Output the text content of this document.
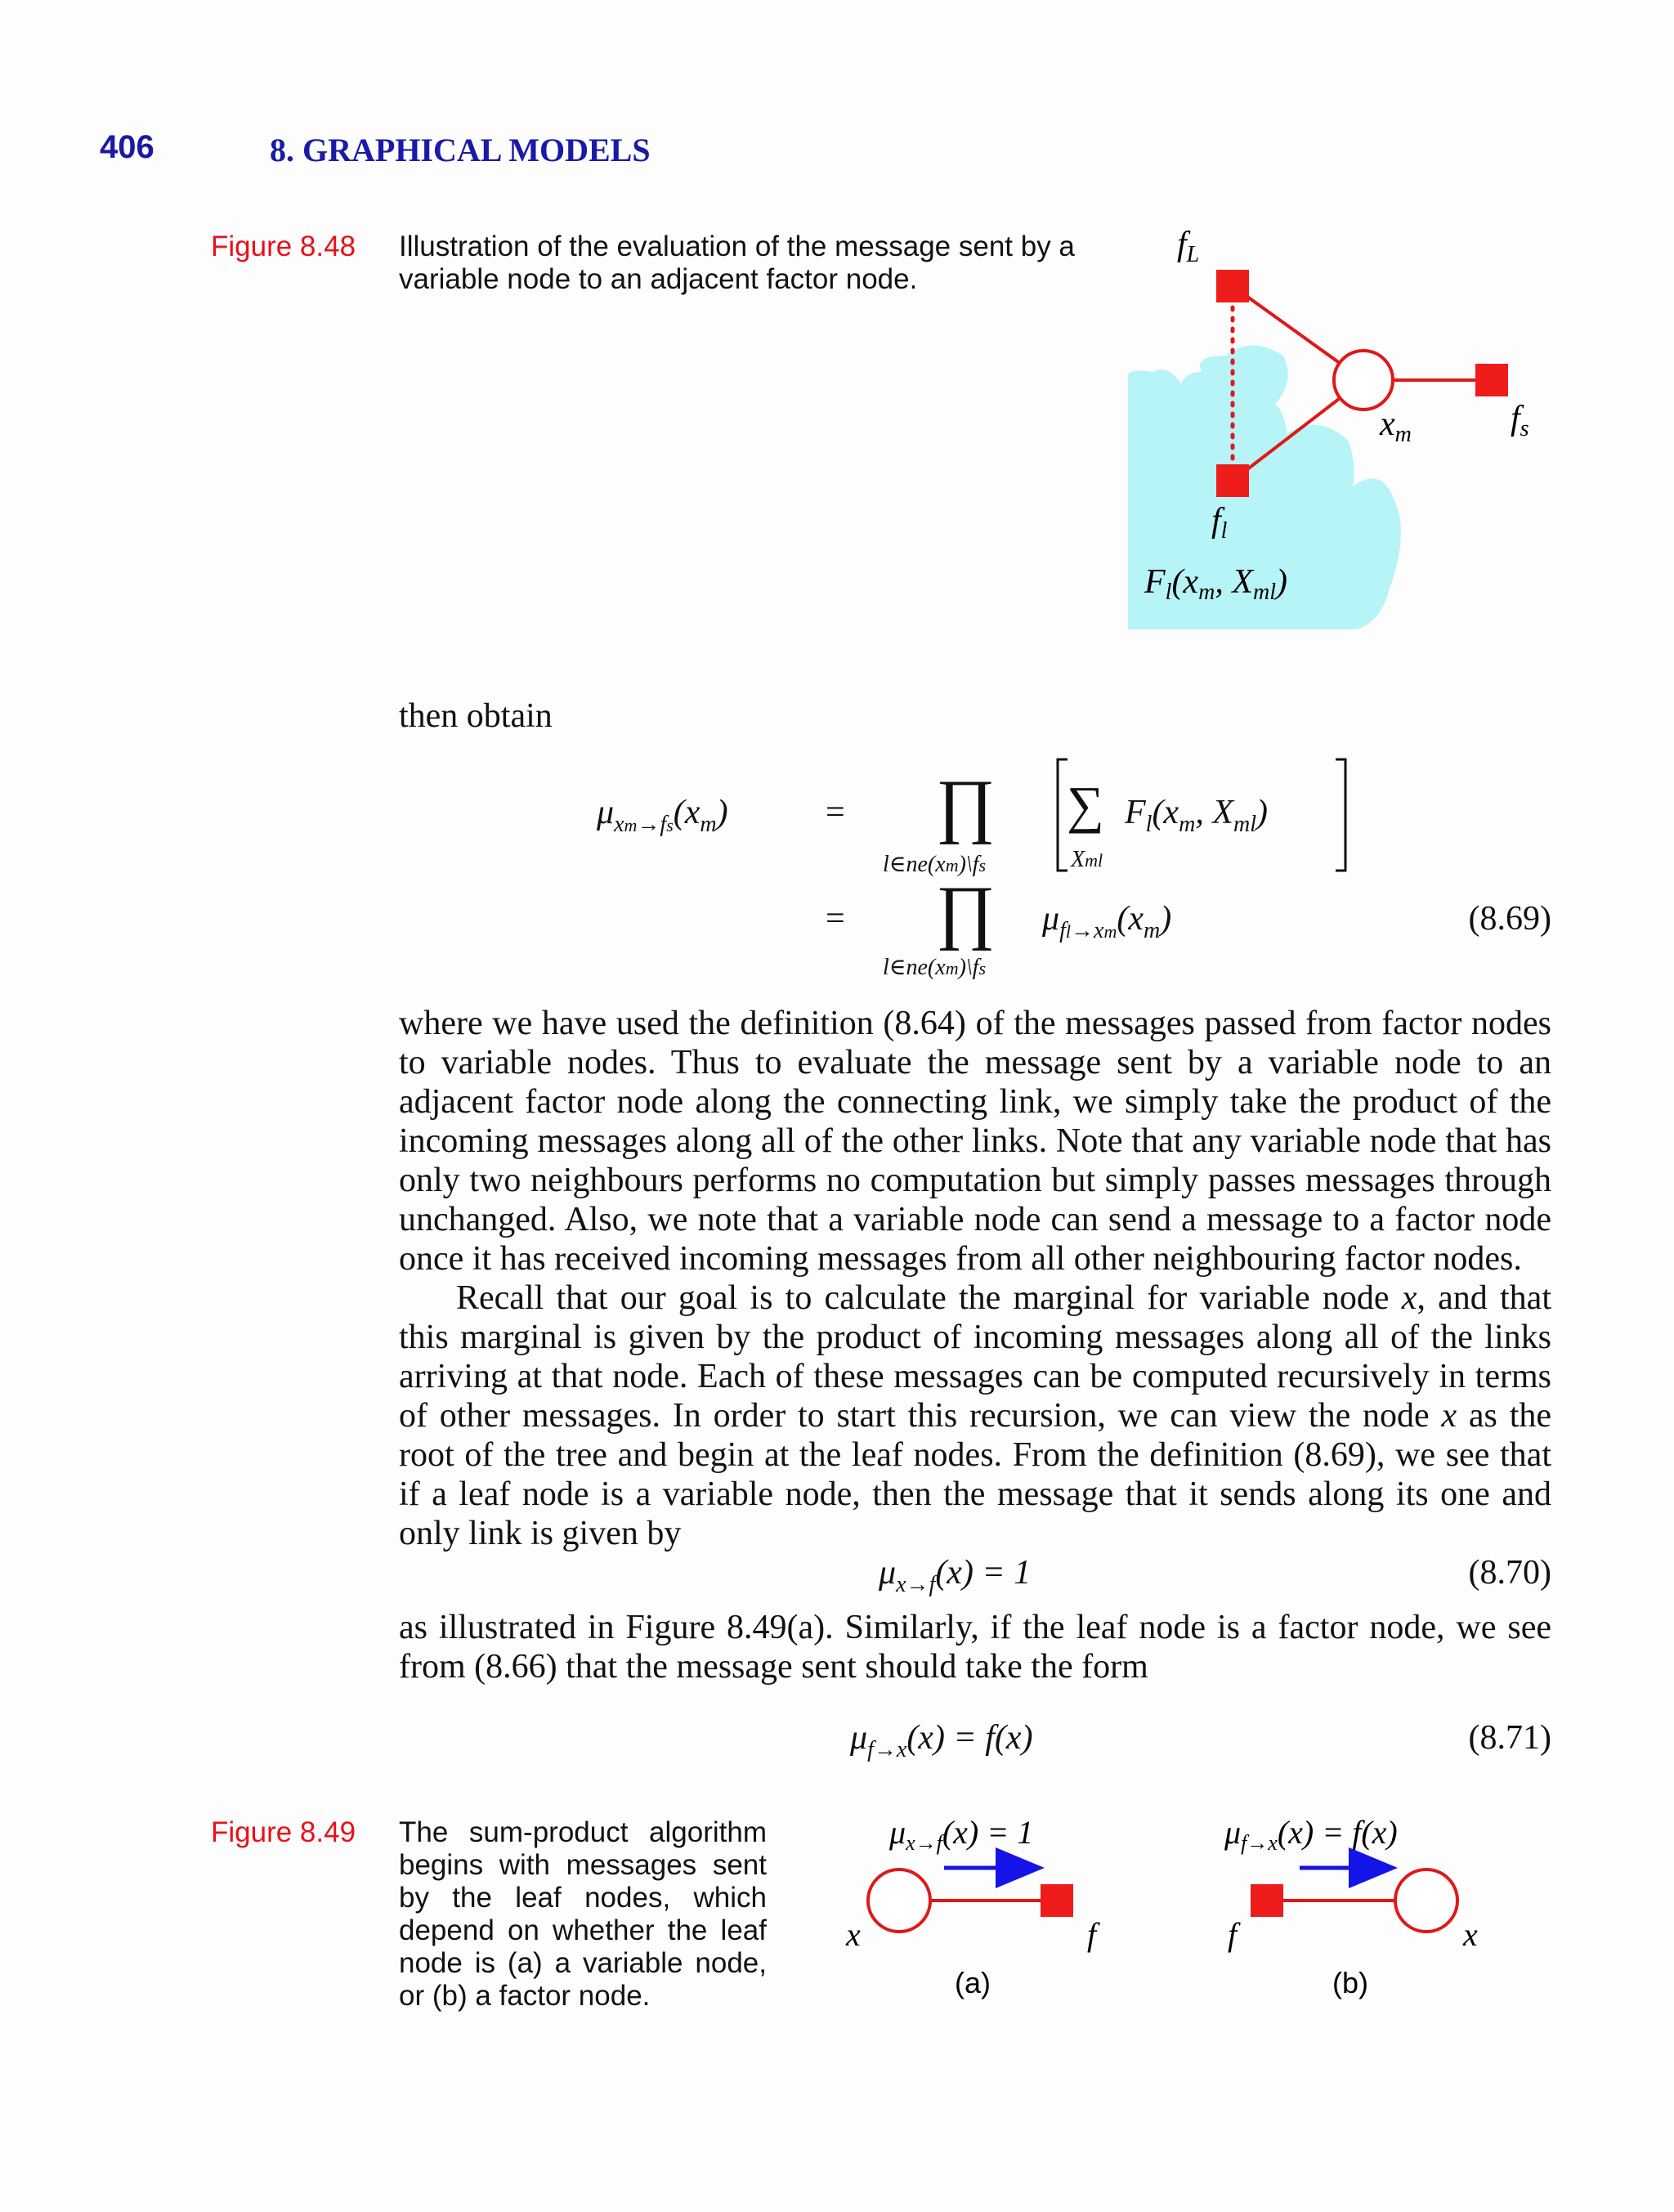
406	8. GRAPHICAL MODELS
Figure 8.48 Illustration of the evaluation of the message sent by a variable node to an adjacent factor node.
fL
fl
xm	fs
Fl(xm, Xml)
then obtain
$\mu_{xm\to fs}(x_m)$	=
=
∏
l∈ne(xm)\fs
∑
Xml
$F_l(x_m$, $X_{ml}$)
∏
l∈ne(xm)\fs
$\mu_{fl\to xm}(x_m)$	(8.69)

where we have used the definition (8.64) of the messages passed from factor nodes to variable nodes. Thus to evaluate the message sent by a variable node to an adjacent factor node along the connecting link, we simply take the product of the incoming messages along all of the other links. Note that any variable node that has only two neighbours performs no computation but simply passes messages through unchanged. Also, we note that a variable node can send a message to a factor node once it has received incoming messages from all other neighbouring factor nodes.

Recall that our goal is to calculate the marginal for variable node x, and that this marginal is given by the product of incoming messages along all of the links arriving at that node. Each of these messages can be computed recursively in terms of other messages. In order to start this recursion, we can view the node x as the root of the tree and begin at the leaf nodes. From the definition (8.69), we see that if a leaf node is a variable node, then the message that it sends along its one and only link is given by

$\mu_{x\to f}(x) = 1$	(8.70)
as illustrated in Figure 8.49(a). Similarly, if the leaf node is a factor node, we see from (8.66) that the message sent should take the form
$\mu_{f\to x}(x) = f(x)$	(8.71)
Figure 8.49 The sum-product algorithm begins with messages sent by the leaf nodes, which depend on whether the leaf node is (a) a variable node, or (b) a factor node.
$\mu_{x\to f}(x) = 1$
x	f
(a)
$\mu_{f\to x}(x) = f(x)$
f	x
(b)
